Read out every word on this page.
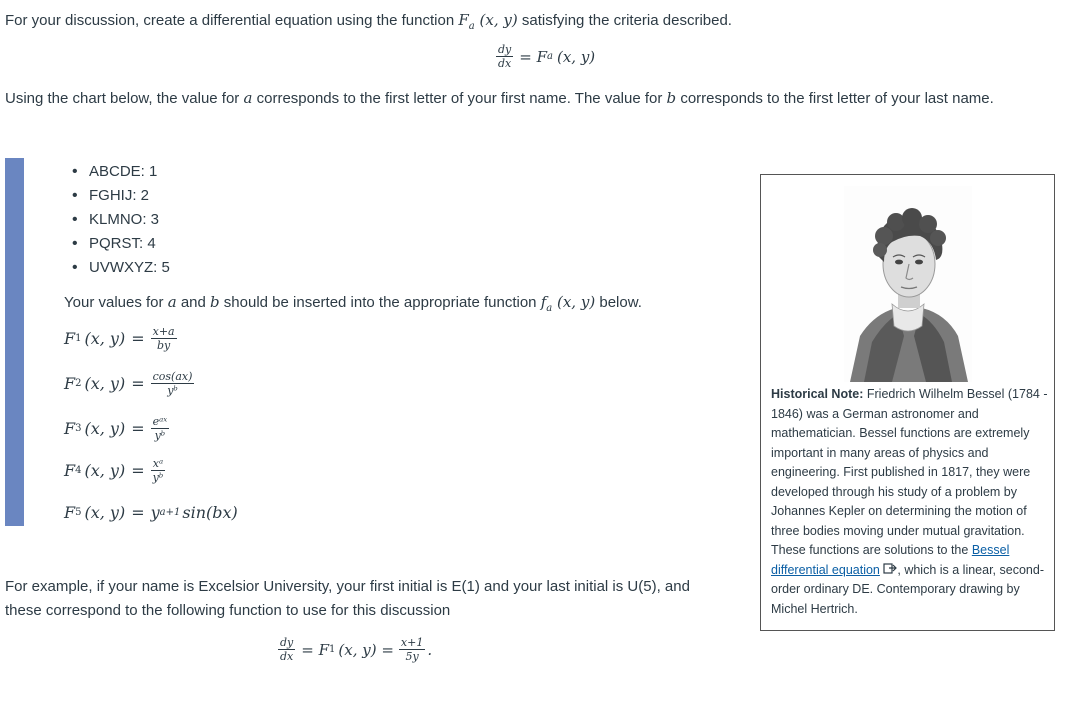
For your discussion, create a differential equation using the function $F_a$ (x, y) satisfying the criteria described.
$\frac{dy}{dx} = F$ a (x, y)
Using the chart below, the value for a corresponds to the first letter of your first name. The value for b corresponds to the first letter of your last name.
• ABCDE: 1
• FGHIJ: 2
• KLMNO: 3
• PQRST: 4
• UVWXYZ: 5
Your values for a and b should be inserted into the appropriate function $f_a$ (x, y) below.
F 1 (x, $y) = \frac{x+a}{by}$
F 2 (x, $y) = \frac{\cos(ax)}{\text{yᵇ}}$
F 3 (x, $y) = \frac{\text{eᵃˣ}}{\text{yᵇ}}$
F 4 (x, $y) = \frac{\text{xᵃ}}{\text{yᵇ}}$
F 5 (x, y) = y a+1 sin(bx)
For example, if your name is Excelsior University, your first initial is E(1) and your last initial is U(5), and
these correspond to the following function to use for this discussion
$\frac{dy}{dx} = F$ 1 (x, $y) = \frac{x+1}{5y}$ .
Historical Note: Friedrich Wilhelm Bessel (1784 - 1846) was a German astronomer and mathematician. Bessel functions are extremely important in many areas of physics and engineering. First published in 1817, they were developed through his study of a problem by Johannes Kepler on determining the motion of three bodies moving under mutual gravitation. These functions are solutions to the Bessel differential equation , which is a linear, second-order ordinary DE. Contemporary drawing by Michel Hertrich.
